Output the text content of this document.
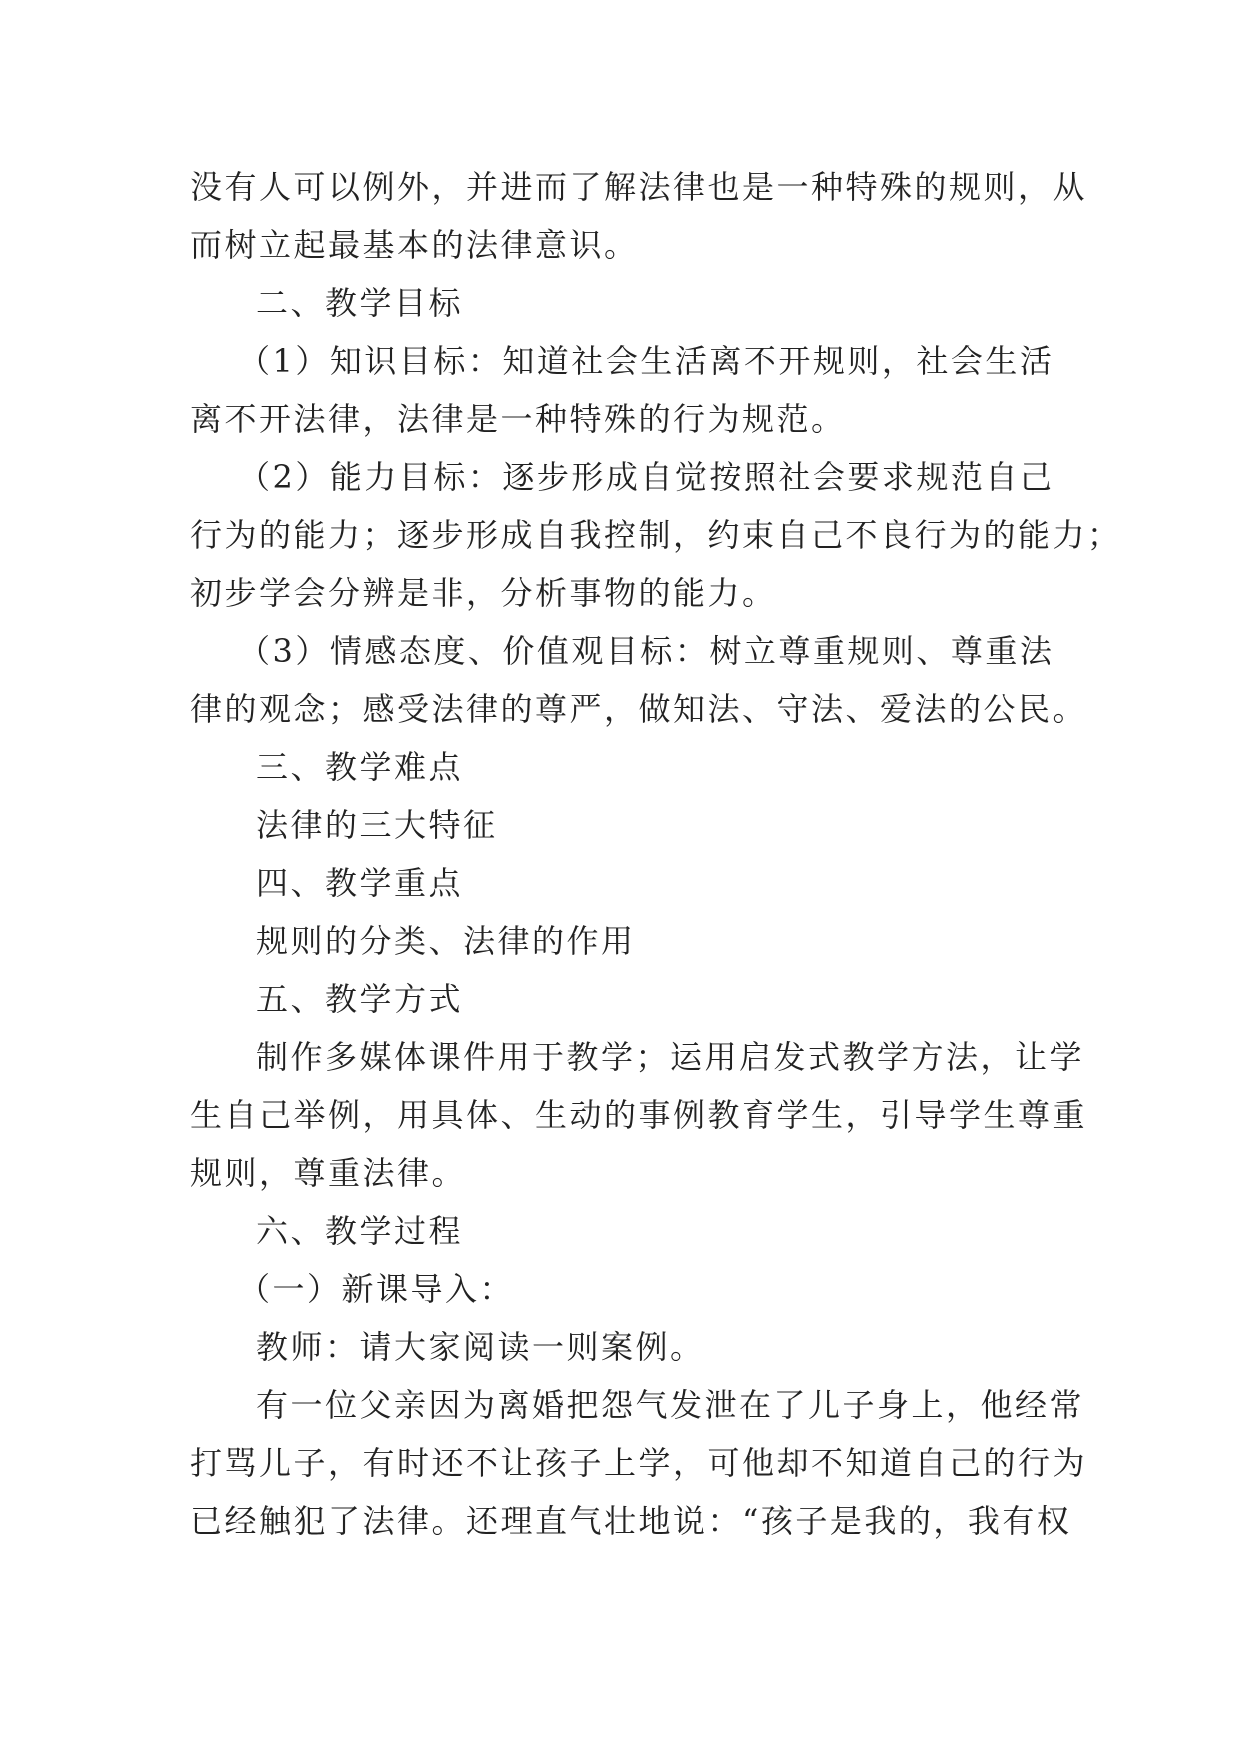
没有人可以例外，并进而了解法律也是一种特殊的规则，从
而树立起最基本的法律意识。
二、教学目标
（1）知识目标：知道社会生活离不开规则，社会生活
离不开法律，法律是一种特殊的行为规范。
（2）能力目标：逐步形成自觉按照社会要求规范自己
行为的能力；逐步形成自我控制，约束自己不良行为的能力；
初步学会分辨是非，分析事物的能力。
（3）情感态度、价值观目标：树立尊重规则、尊重法
律的观念；感受法律的尊严，做知法、守法、爱法的公民。
三、教学难点
法律的三大特征
四、教学重点
规则的分类、法律的作用
五、教学方式
制作多媒体课件用于教学；运用启发式教学方法，让学
生自己举例，用具体、生动的事例教育学生，引导学生尊重
规则，尊重法律。
六、教学过程
（一）新课导入：
教师：请大家阅读一则案例。
有一位父亲因为离婚把怨气发泄在了儿子身上，他经常
打骂儿子，有时还不让孩子上学，可他却不知道自己的行为
已经触犯了法律。还理直气壮地说：“孩子是我的，我有权
